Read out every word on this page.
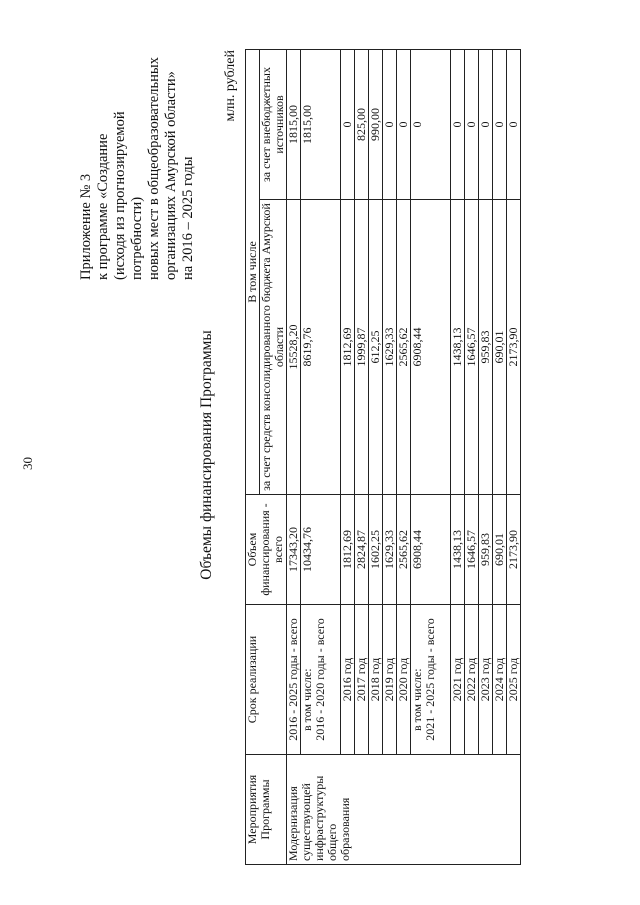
30
Приложение № 3 к программе «Создание (исходя из прогнозируемой потребности) новых мест в общеобразовательных организациях Амурской области» на 2016 – 2025 годы
Объемы финансирования Программы
млн. рублей
Мероприятия Программы	Срок реализации	Объем финансирования - всего	В том числе	
			за счет средств консолидированного бюджета Амурской области	за счет внебюджетных источников
Модернизация существующей инфраструктуры общего образования	2016 - 2025 годы - всего	17343,20	15528,20	1815,00

	в том числе: 2016 - 2020 годы - всего	10434,76	8619,76	1815,00
	2016 год	1812,69	1812,69	0
	2017 год	2824,87	1999,87	825,00
	2018 год	1602,25	612,25	990,00
	2019 год	1629,33	1629,33	0
	2020 год	2565,62	2565,62	0

	в том числе: 2021 - 2025 годы - всего	6908,44	6908,44	0
	2021 год	1438,13	1438,13	0
	2022 год	1646,57	1646,57	0
	2023 год	959,83	959,83	0
	2024 год	690,01	690,01	0
	2025 год	2173,90	2173,90	0
